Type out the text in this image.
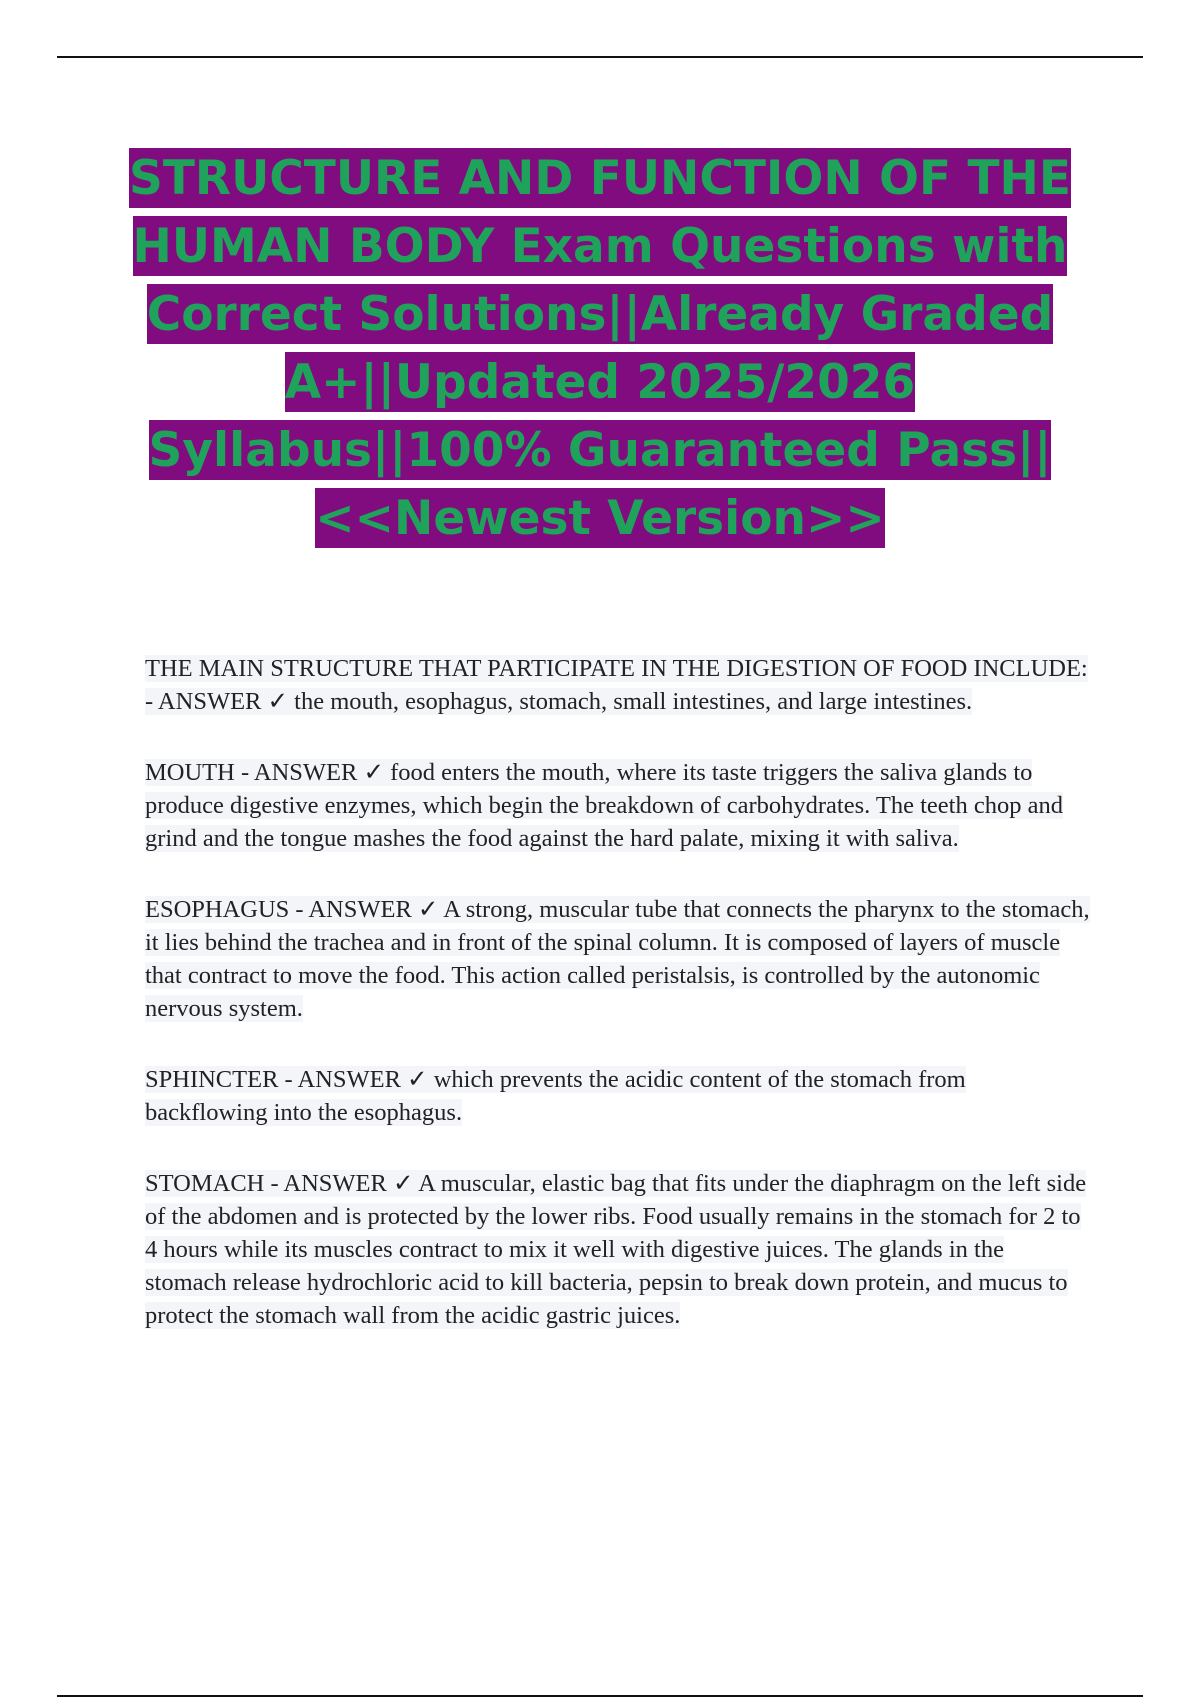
STRUCTURE AND FUNCTION OF THE HUMAN BODY Exam Questions with Correct Solutions||Already Graded A+||Updated 2025/2026 Syllabus||100% Guaranteed Pass||<<Newest Version>>

THE MAIN STRUCTURE THAT PARTICIPATE IN THE DIGESTION OF FOOD INCLUDE: - ANSWER ✓ the mouth, esophagus, stomach, small intestines, and large intestines.

MOUTH - ANSWER ✓ food enters the mouth, where its taste triggers the saliva glands to produce digestive enzymes, which begin the breakdown of carbohydrates. The teeth chop and grind and the tongue mashes the food against the hard palate, mixing it with saliva.

ESOPHAGUS - ANSWER ✓ A strong, muscular tube that connects the pharynx to the stomach, it lies behind the trachea and in front of the spinal column. It is composed of layers of muscle that contract to move the food. This action called peristalsis, is controlled by the autonomic nervous system.

SPHINCTER - ANSWER ✓ which prevents the acidic content of the stomach from backflowing into the esophagus.

STOMACH - ANSWER ✓ A muscular, elastic bag that fits under the diaphragm on the left side of the abdomen and is protected by the lower ribs. Food usually remains in the stomach for 2 to 4 hours while its muscles contract to mix it well with digestive juices. The glands in the stomach release hydrochloric acid to kill bacteria, pepsin to break down protein, and mucus to protect the stomach wall from the acidic gastric juices.
